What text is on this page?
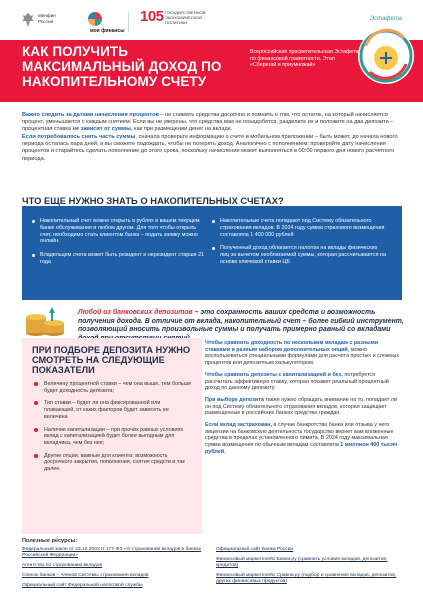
Минфин
России
мои финансы
105 ГОСУДАРСТВЕННОЙ ЭКОНОМИЧЕСКОЙ ПОЛИТИКИ
КАК ПОЛУЧИТЬ МАКСИМАЛЬНЫЙ ДОХОД ПО НАКОПИТЕЛЬНОМУ СЧЕТУ
Всероссийская просветительская Эстафета по финансовой грамотности. Этап «Сберегай и приумножай»
Эстафета

Важно следить за датами начисления процентов – не снимать средства досрочно и помнить о том, что остаток, на который начисляется процент, уменьшается с каждым снятием. Если вы не уверены, что средства вам не понадобятся, разделите их и положите на два депозита – процентная ставка не зависит от суммы, как при размещении денег на вкладе.

Если потребовалось снять часть суммы, сначала проверьте информацию о счете в мобильном приложении – быть может, до начала нового периода осталась пара дней, и вы сможете подождать, чтобы не потерять доход. Аналогично с пополнением: проверяйте дату начисления процентов и старайтесь сделать пополнение до этого срока, поскольку начисление может выполняться в 00:00 первого дня нового расчетного периода.

ЧТО ЕЩЕ НУЖНО ЗНАТЬ О НАКОПИТЕЛЬНЫХ СЧЕТАХ?
Накопительный счет можно открыть в рублях в вашем текущем банке обслуживания и любом другом. Для того чтобы открыть счет, необходимо стать клиентом банка – подать заявку можно онлайн.
Владельцем счета может быть резидент и нерезидент старше 21 года
Накопительные счета попадают под Систему обязательного страхования вкладов. В 2024 году сумма страхового возмещения составляла 1 400 000 рублей
Полученный доход облагается налогом на вклады физических лиц за вычетом необлагаемой суммы, которая рассчитывается на основе ключевой ставки ЦБ
Любой из банковских депозитов – это сохранность ваших средств и возможность получения дохода. В отличие от вклада, накопительный счет – более гибкий инструмент, позволяющий вносить произвольные суммы и получать примерно равный со вкладами
ПРИ ПОДБОРЕ ДЕПОЗИТА НУЖНО СМОТРЕТЬ НА СЛЕДУЮЩИЕ ПОКАЗАТЕЛИ
Величину процентной ставки – чем она выше, тем больше будет доходность депозита;
Тип ставки – будет ли она фиксированной или плавающей, от каких факторов будет зависеть ее величина
Наличие капитализации – при прочих равных условиях вклад с капитализацией будет более выгодным для вкладчика, чем без нее;
Другие опции, важные для клиента: возможность досрочного закрытия, пополнения, снятия средств и так далее.

Чтобы сравнить доходность по нескольким вкладам с разными ставками и разным набором дополнительных опций, можно воспользоваться специальными формулами для расчета простых и сложных процентов или депозитным калькулятором.

Чтобы сравнить депозиты с капитализацией и без, потребуется рассчитать эффективную ставку, которая покажет реальный процентный доход по данному депозиту.

При выборе депозита также нужно обращать внимание на то, попадает ли он под Систему обязательного страхования вкладов, которая защищает размещенные в российских банках средства граждан.

Если вклад застрахован, в случае банкротства банка или отзыва у него лицензии на банковскую деятельность государство вернет вам вложенные средства в пределах установленного лимита. В 2024 году максимальная сумма возмещения по обычным вкладам составляла 1 миллион 400 тысяч рублей.

Полезные ресурсы:
Федеральный закон от 23.12.2003 N 177-ФЗ «О страховании вкладов в банках Российской Федерации»
Агентство по страхованию вкладов
Список банков – членов Системы страхования вкладов
Официальный сайт Федеральной налоговой службы
Официальный сайт Банка России
Финансовый маркетплейс Банки.ру (сравнить условия вкладов, депозитов, кредитов)
Финансовый маркетплейс Сравни.ру (подбор и сравнение вкладов, депозитов, других финансовых продуктов)
